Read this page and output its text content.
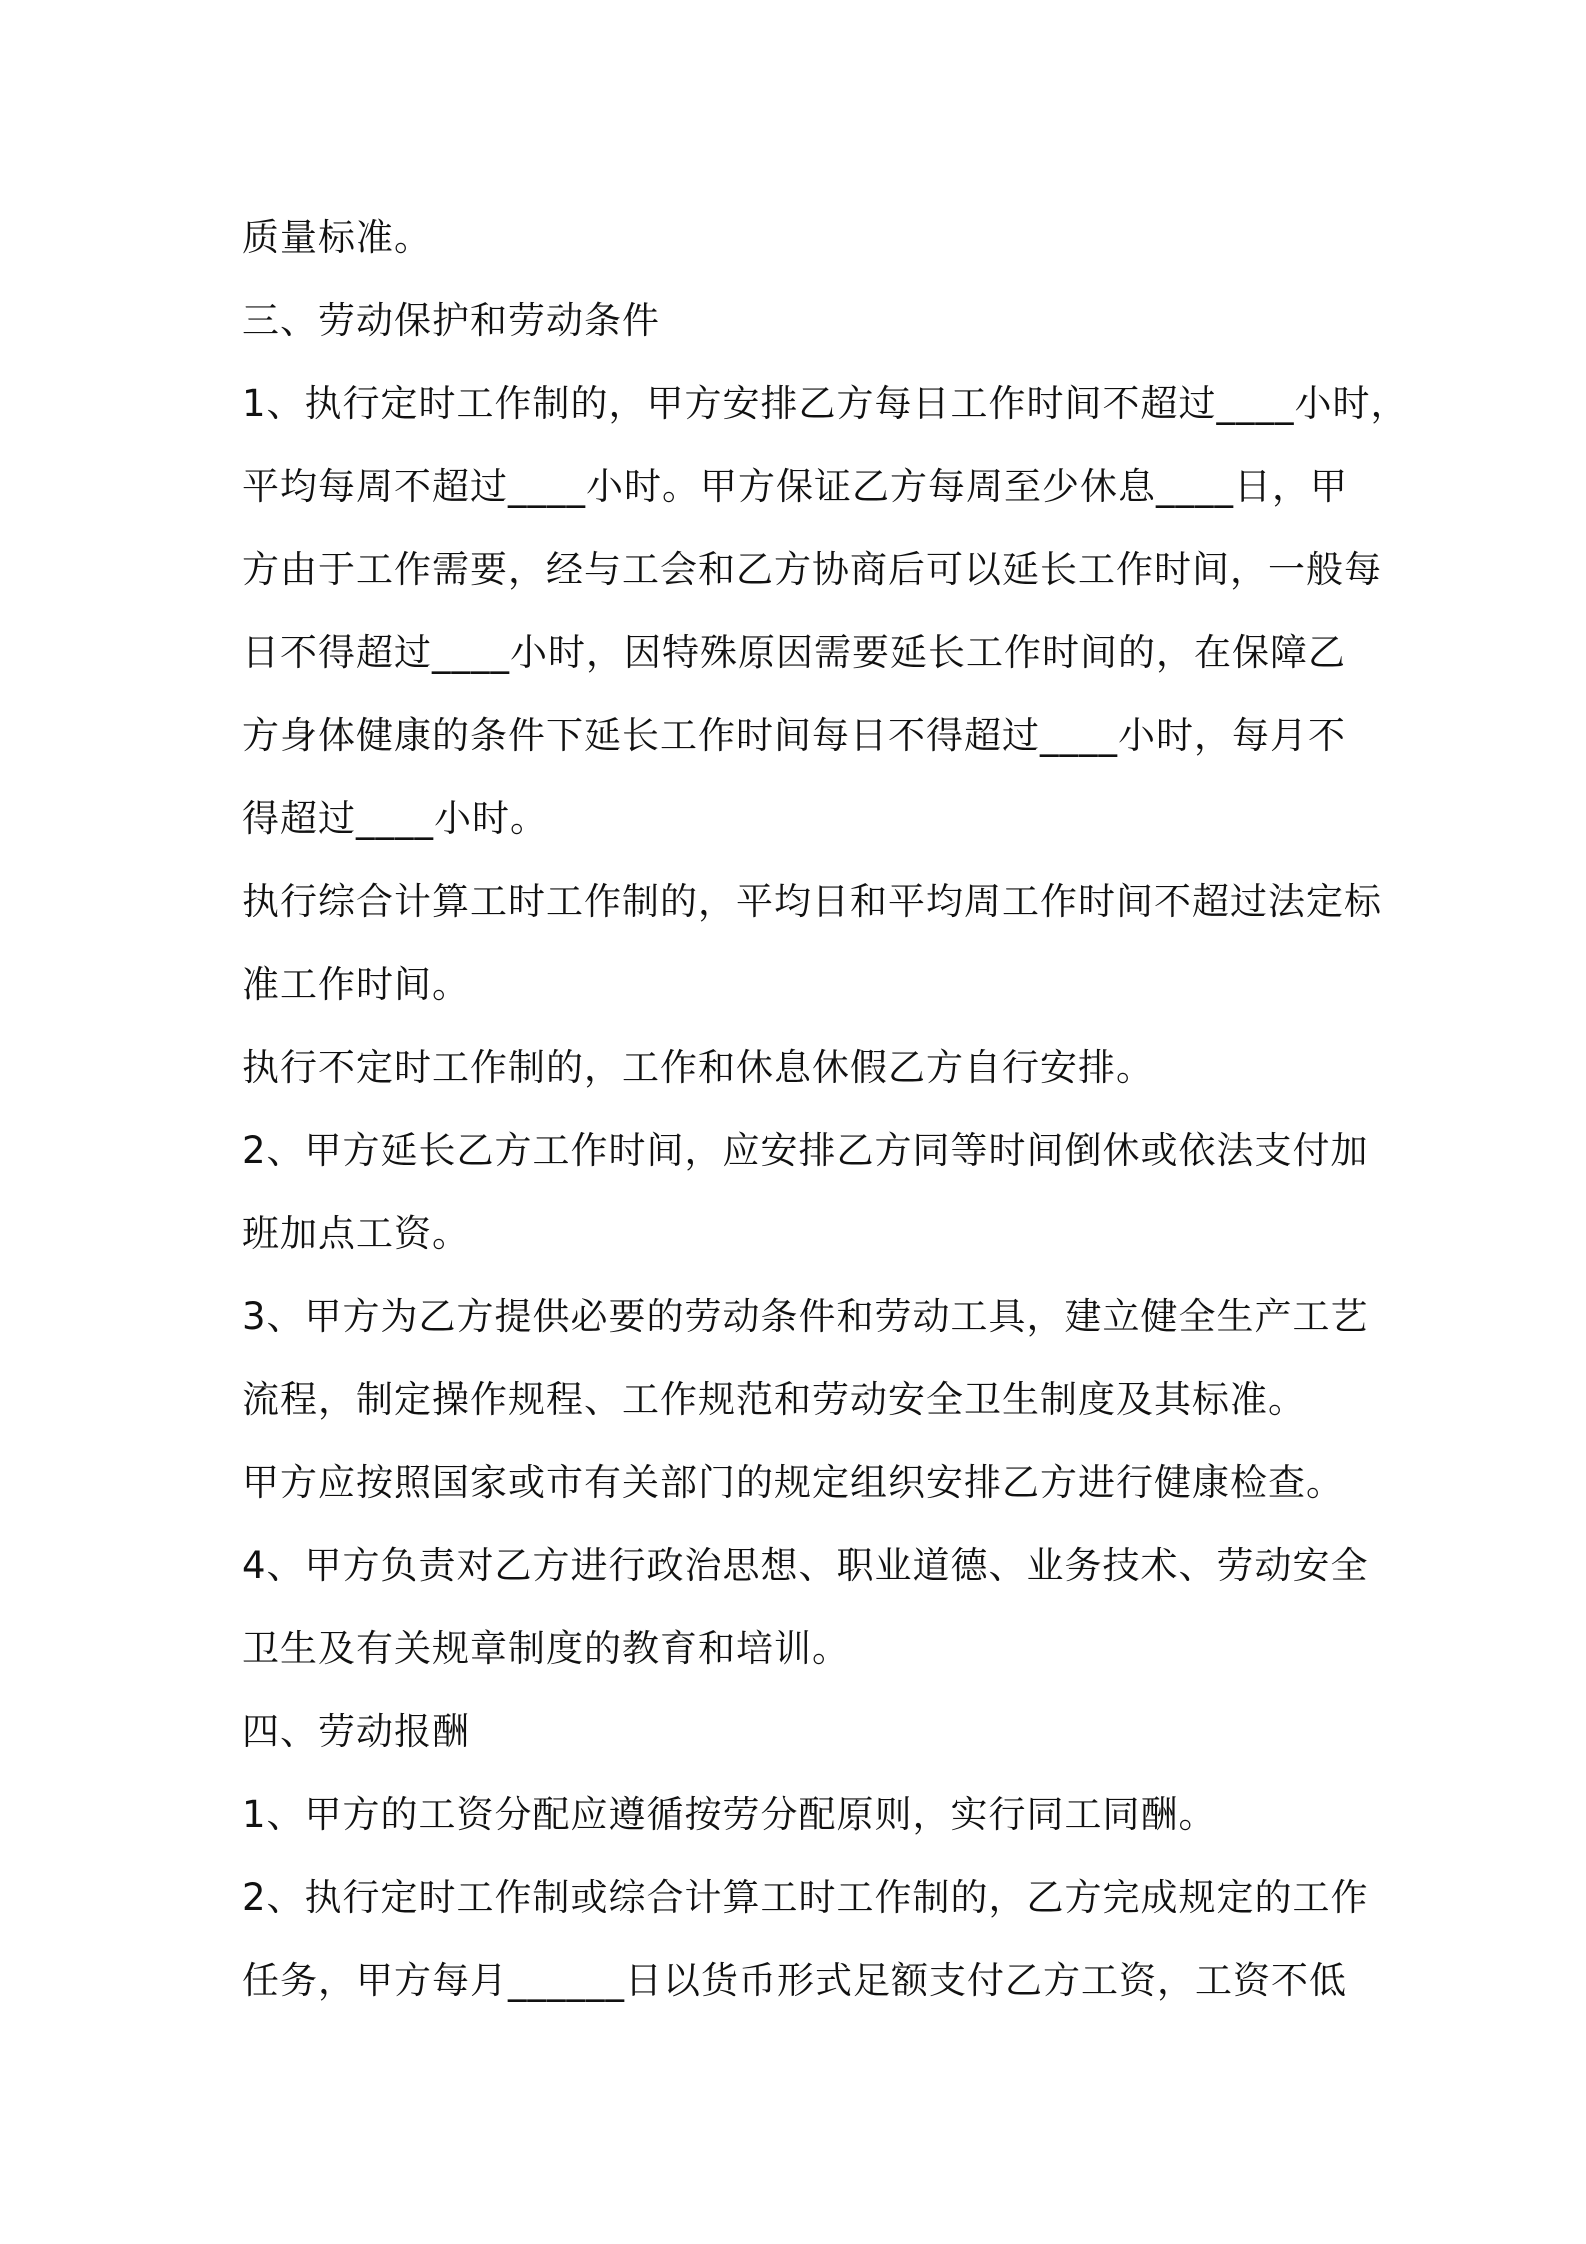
质量标准。

三、劳动保护和劳动条件

1、执行定时工作制的，甲方安排乙方每日工作时间不超过____小时，

平均每周不超过____小时。甲方保证乙方每周至少休息____日，甲

方由于工作需要，经与工会和乙方协商后可以延长工作时间，一般每

日不得超过____小时，因特殊原因需要延长工作时间的，在保障乙

方身体健康的条件下延长工作时间每日不得超过____小时，每月不

得超过____小时。

执行综合计算工时工作制的，平均日和平均周工作时间不超过法定标

准工作时间。

执行不定时工作制的，工作和休息休假乙方自行安排。

2、甲方延长乙方工作时间，应安排乙方同等时间倒休或依法支付加

班加点工资。

3、甲方为乙方提供必要的劳动条件和劳动工具，建立健全生产工艺

流程，制定操作规程、工作规范和劳动安全卫生制度及其标准。

甲方应按照国家或市有关部门的规定组织安排乙方进行健康检查。

4、甲方负责对乙方进行政治思想、职业道德、业务技术、劳动安全

卫生及有关规章制度的教育和培训。

四、劳动报酬

1、甲方的工资分配应遵循按劳分配原则，实行同工同酬。

2、执行定时工作制或综合计算工时工作制的，乙方完成规定的工作

任务，甲方每月______日以货币形式足额支付乙方工资，工资不低
